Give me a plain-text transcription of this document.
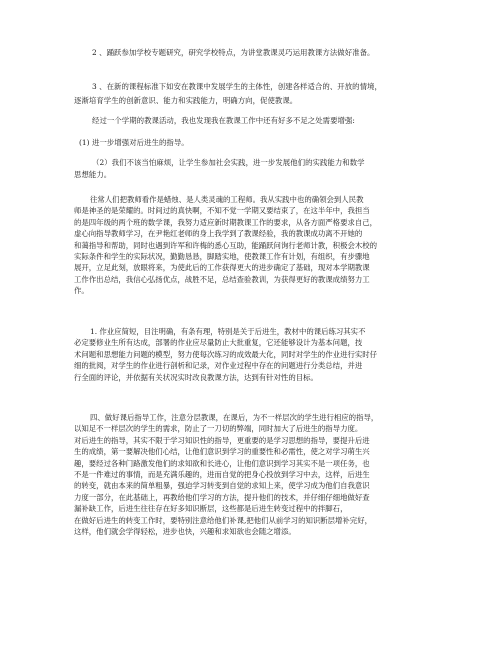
2 、踊跃参加学校专题研究，研究学校特点，为讲堂教课灵巧运用教课方法做好准备。
3 、在新的课程标准下如安在教课中发展学生的主体性，创建各样适合的、开放的情境，
逐渐培育学生的创新意识、能力和实践能力，明确方向，促使教课。
经过一个学期的教课活动，我也发现我在教课工作中还有好多不足之处需要增强:
(1) 进一步增强对后进生的指导。
（2）我们不该当怕麻烦，让学生参加社会实践，进一步发展他们的实践能力和数学
思想能力。

往常人们把教师看作是蜡烛、是人类灵魂的工程师。我从实践中也的确领会到人民教

师是神圣的是荣耀的。时间过的真快啊，不知不觉一学期又要结束了，在这半年中，我担当

的是四年级的两个班的数学课，我努力适应新时期教课工作的要求，从各方面严格要求自己，

虚心向指导教师学习，在尹艳红老师的身上我学到了教课经验，我的教课成功离不开她的

和蔼指导和帮助，同时也遇到许军和许梅的悉心互助，能踊跃问询行老师计教，积极会木校的

实际条件和学生的实际状况，勤勤恳恳，脚踏实地，使教课工作有计划，有组织，有步骤地

展开，立足此刻，放眼将来，为使此后的工作获得更大的进步确定了基础，现对本学期教课

工作作出总结，我信心弘扬优点，战胜不足，总结查验教训，为获得更好的教课成绩努力工

作。

1. 作业应简短，目注明确，有条有理，特别是关于后进生，教材中的课后练习其实不

必定要修业生所有达成，部署的作业应尽量防止大批重复，它还能够设计为基本问题，技

术问题和思想能力问题的模型，努力使每次练习的成效最大化，同时对学生的作业进行实时仔

细的批阅，对学生的作业进行剖析和记录，对作业过程中存在的问题进行分类总结，并进

行全面的评论，并依据有关状况实时改良教课方法，达到有针对性的目标。

四、做好课后指导工作，注意分层教课，在课后，为不一样层次的学生进行相应的指导，

以知足不一样层次的学生的需求，防止了一刀切的弊端，同时加大了后进生的指导力度。

对后进生的指导，其实不限于学习知识性的指导，更重要的是学习思想的指导，要提升后进

生的成绩，第一要解决他们心结，让他们意识到学习的重要性和必需性，使之对学习萌生兴

趣，要经过各种门路激发他们的求知欲和长进心，让他们意识到学习其实不是一项任务，也

不是一件难过的事情，而是充满乐趣的，进而自觉的把身心投放到学习中去，这样，后进生

的转变，就由本来的简单粗暴，强迫学习转变到自觉的求知上来，使学习成为他们自我意识

力度一部分，在此基础上，再教给他们学习的方法，提升他们的技术，并仔细仔细地做好查

漏补缺工作，后进生往往存在好多知识断层，这些都是后进生转变过程中的拌脚石，

在做好后进生的转变工作时，要特别注意给他们补课,把他们从前学习的知识断层增补完好，

这样，他们就会学得轻松，进步也快，兴趣和求知欲也会随之增添。
